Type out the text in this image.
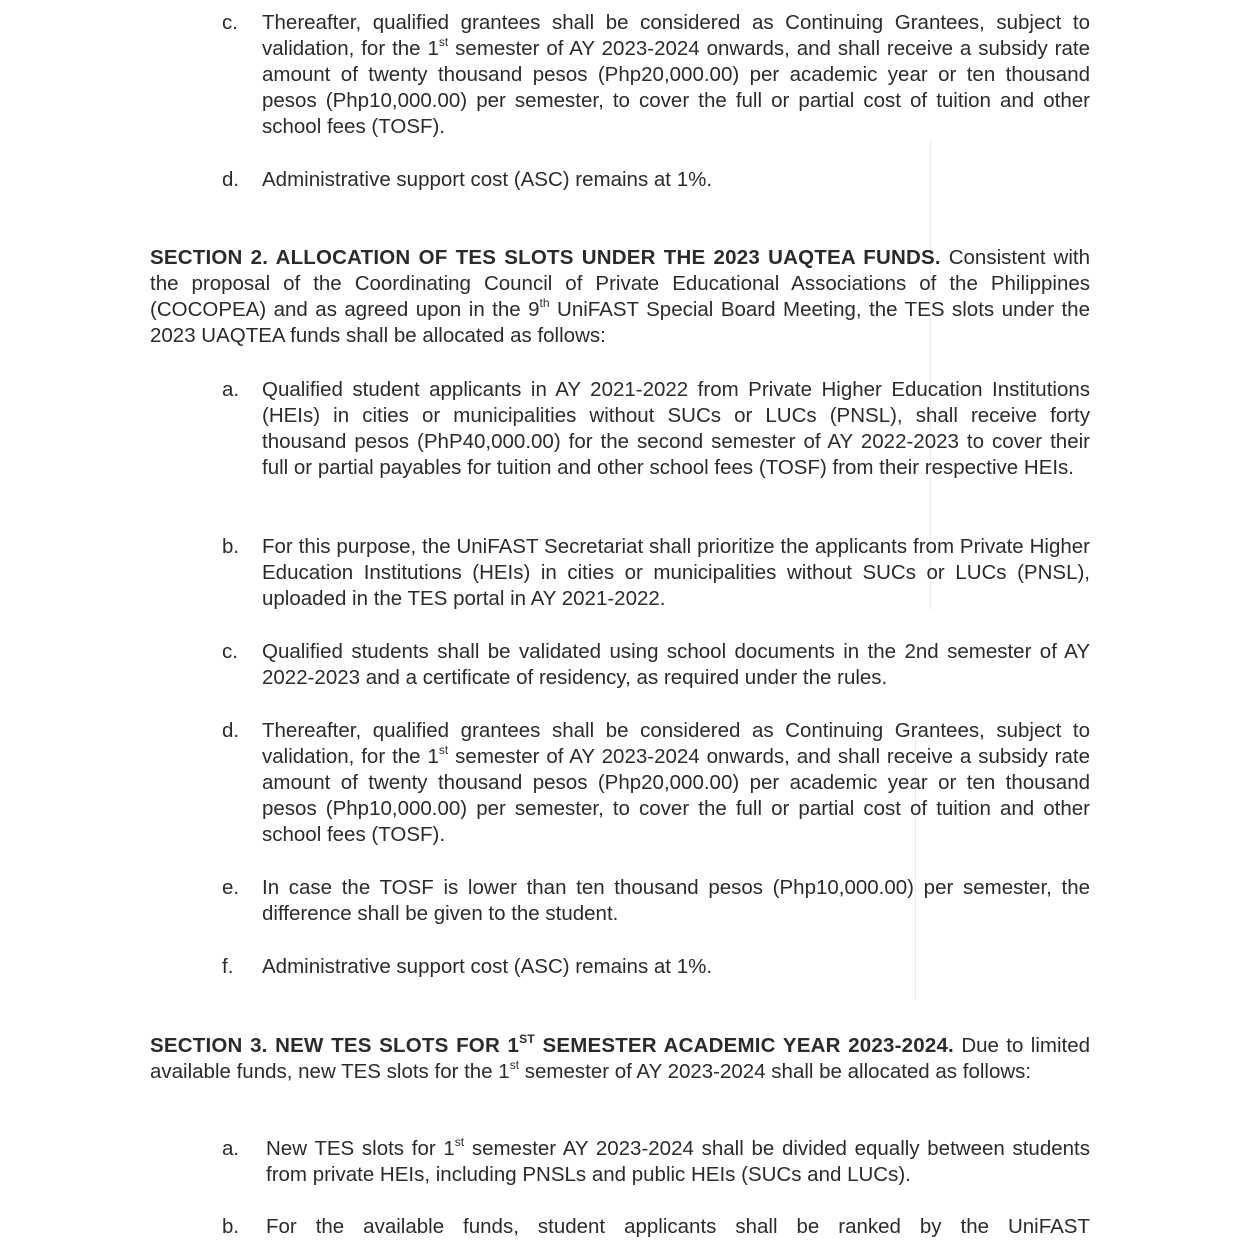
c. Thereafter, qualified grantees shall be considered as Continuing Grantees, subject to validation, for the 1st semester of AY 2023-2024 onwards, and shall receive a subsidy rate amount of twenty thousand pesos (Php20,000.00) per academic year or ten thousand pesos (Php10,000.00) per semester, to cover the full or partial cost of tuition and other school fees (TOSF).
d. Administrative support cost (ASC) remains at 1%.
SECTION 2. ALLOCATION OF TES SLOTS UNDER THE 2023 UAQTEA FUNDS. Consistent with the proposal of the Coordinating Council of Private Educational Associations of the Philippines (COCOPEA) and as agreed upon in the 9th UniFAST Special Board Meeting, the TES slots under the 2023 UAQTEA funds shall be allocated as follows:
a. Qualified student applicants in AY 2021-2022 from Private Higher Education Institutions (HEIs) in cities or municipalities without SUCs or LUCs (PNSL), shall receive forty thousand pesos (PhP40,000.00) for the second semester of AY 2022-2023 to cover their full or partial payables for tuition and other school fees (TOSF) from their respective HEIs.
b. For this purpose, the UniFAST Secretariat shall prioritize the applicants from Private Higher Education Institutions (HEIs) in cities or municipalities without SUCs or LUCs (PNSL), uploaded in the TES portal in AY 2021-2022.
c. Qualified students shall be validated using school documents in the 2nd semester of AY 2022-2023 and a certificate of residency, as required under the rules.
d. Thereafter, qualified grantees shall be considered as Continuing Grantees, subject to validation, for the 1st semester of AY 2023-2024 onwards, and shall receive a subsidy rate amount of twenty thousand pesos (Php20,000.00) per academic year or ten thousand pesos (Php10,000.00) per semester, to cover the full or partial cost of tuition and other school fees (TOSF).
e. In case the TOSF is lower than ten thousand pesos (Php10,000.00) per semester, the difference shall be given to the student.
f. Administrative support cost (ASC) remains at 1%.
SECTION 3. NEW TES SLOTS FOR 1ST SEMESTER ACADEMIC YEAR 2023-2024. Due to limited available funds, new TES slots for the 1st semester of AY 2023-2024 shall be allocated as follows:
a. New TES slots for 1st semester AY 2023-2024 shall be divided equally between students from private HEIs, including PNSLs and public HEIs (SUCs and LUCs).
b. For the available funds, student applicants shall be ranked by the UniFAST
